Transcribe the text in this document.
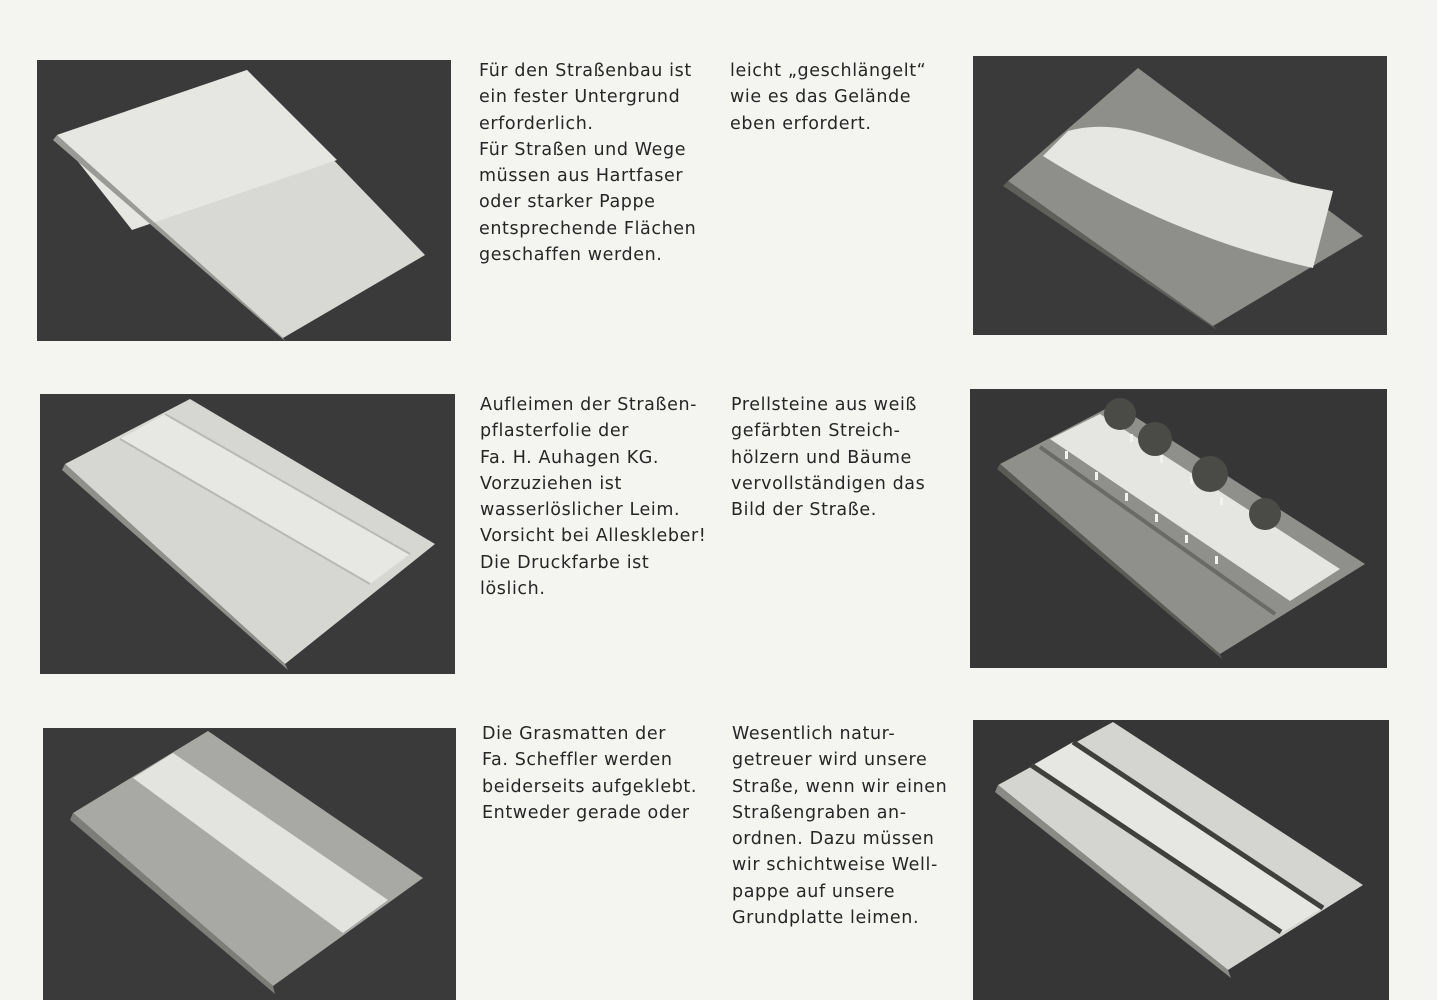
Für den Straßenbau ist
ein fester Untergrund
erforderlich.
Für Straßen und Wege
müssen aus Hartfaser
oder starker Pappe
entsprechende Flächen
geschaffen werden.

leicht „geschlängelt“
wie es das Gelände
eben erfordert.

Aufleimen der Straßen-
pflasterfolie der
Fa. H. Auhagen KG.
Vorzuziehen ist
wasserlöslicher Leim.
Vorsicht bei Alleskleber!
Die Druckfarbe ist
löslich.

Prellsteine aus weiß
gefärbten Streich-
hölzern und Bäume
vervollständigen das
Bild der Straße.

Die Grasmatten der
Fa. Scheffler werden
beiderseits aufgeklebt.
Entweder gerade oder

Wesentlich natur-
getreuer wird unsere
Straße, wenn wir einen
Straßengraben an-
ordnen. Dazu müssen
wir schichtweise Well-
pappe auf unsere
Grundplatte leimen.
